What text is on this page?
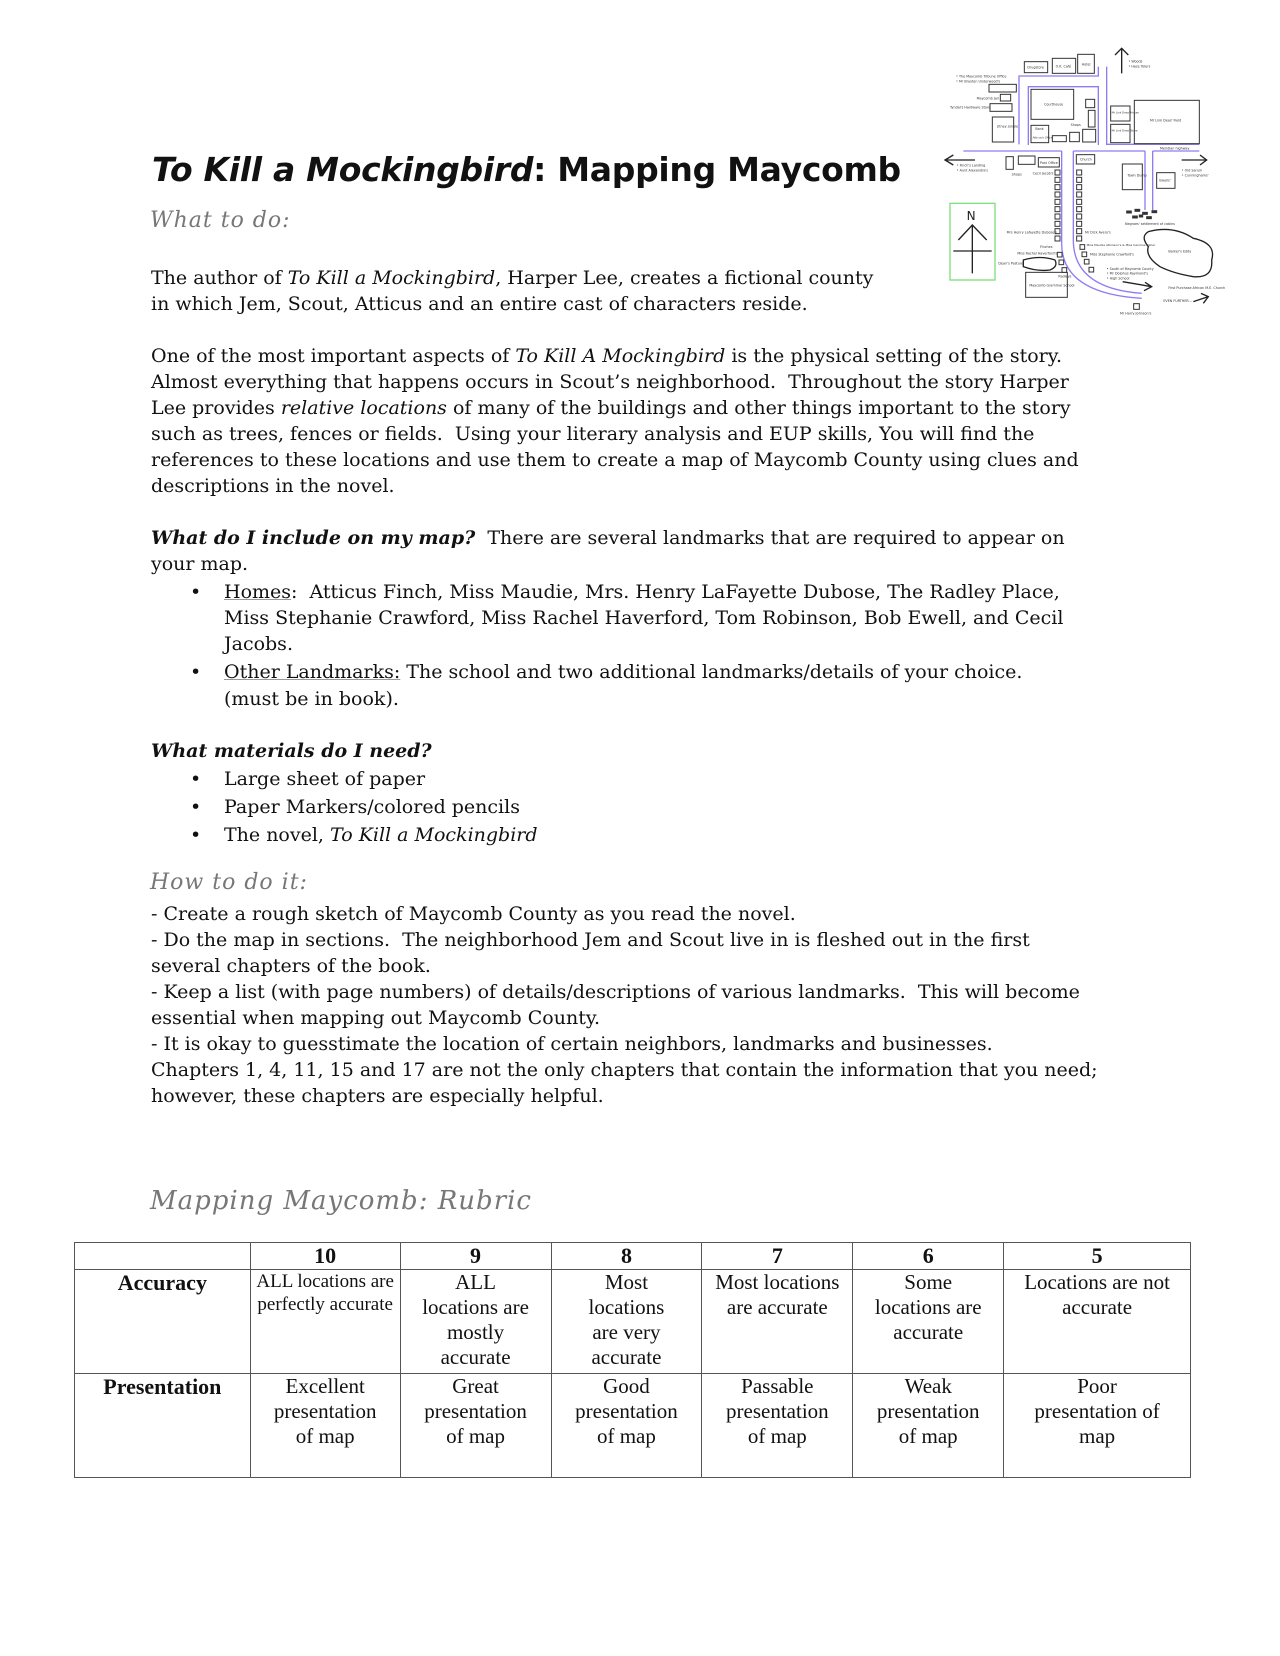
To Kill a Mockingbird: Mapping Maycomb
What to do:
The author of To Kill a Mockingbird, Harper Lee, creates a fictional county
in which Jem, Scout, Atticus and an entire cast of characters reside.
One of the most important aspects of To Kill A Mockingbird is the physical setting of the story.
Almost everything that happens occurs in Scout’s neighborhood.  Throughout the story Harper
Lee provides relative locations of many of the buildings and other things important to the story
such as trees, fences or fields.  Using your literary analysis and EUP skills, You will find the
references to these locations and use them to create a map of Maycomb County using clues and
descriptions in the novel.
What do I include on my map?  There are several landmarks that are required to appear on
your map.
• Homes:  Atticus Finch, Miss Maudie, Mrs. Henry LaFayette Dubose, The Radley Place,
Miss Stephanie Crawford, Miss Rachel Haverford, Tom Robinson, Bob Ewell, and Cecil
Jacobs.
• Other Landmarks: The school and two additional landmarks/details of your choice.
(must be in book).
What materials do I need?
• Large sheet of paper
• Paper Markers/colored pencils
• The novel, To Kill a Mockingbird
How to do it:
- Create a rough sketch of Maycomb County as you read the novel.
- Do the map in sections.  The neighborhood Jem and Scout live in is fleshed out in the first
several chapters of the book.
- Keep a list (with page numbers) of details/descriptions of various landmarks.  This will become
essential when mapping out Maycomb County.
- It is okay to guesstimate the location of certain neighbors, landmarks and businesses.
Chapters 1, 4, 11, 15 and 17 are not the only chapters that contain the information that you need;
however, these chapters are especially helpful.
Mapping Maycomb: Rubric
	10	9	8	7	6	5
Accuracy	ALL locations are perfectly accurate	ALL locations are mostly accurate	Most locations are very accurate	Most locations are accurate	Some locations are accurate	Locations are not accurate
Presentation	Excellent presentation of map	Great presentation of map	Good presentation of map	Passable presentation of map	Weak presentation of map	Poor presentation of map
N
Drugstore O.K. Café Hotel
• The Maycomb Tribune Office
• Mr Braxton Underwood's
Maycomb Jail
Tyndal's Hardware Store
Jitney Jungle
Courthouse
Shops
Bank
Atticus's Office
Mr Link Deas' House
Mr Link Deas' Store
Mr Link Deas' Field
Meridian highway
• Finch's Landing
• Aunt Alexandra's
Shops
Post Office
Cecil Jacob's
Church
Town Dump
Ewells'
• Old Sarum
• Cunninghams'
Negroes' settlement of cabins
Mrs Henry Lafayette Dubose's	Mr Dick Avery's
Finches	Miss Maudie Atkinson's & Miss Caroline Fisher
Miss Rachel Haverford's	Miss Stephanie Crawford's
Dean's Pasture
Radleys
Barker's Eddy
• South of Maycomb County
• Mr Dolphus Raymond's
• High School
First Purchase African M.E. Church
EVEN FURTHER...
Maycomb Grammar School
Mr Harry Johnson's
• Woods
• Haze Tolers
